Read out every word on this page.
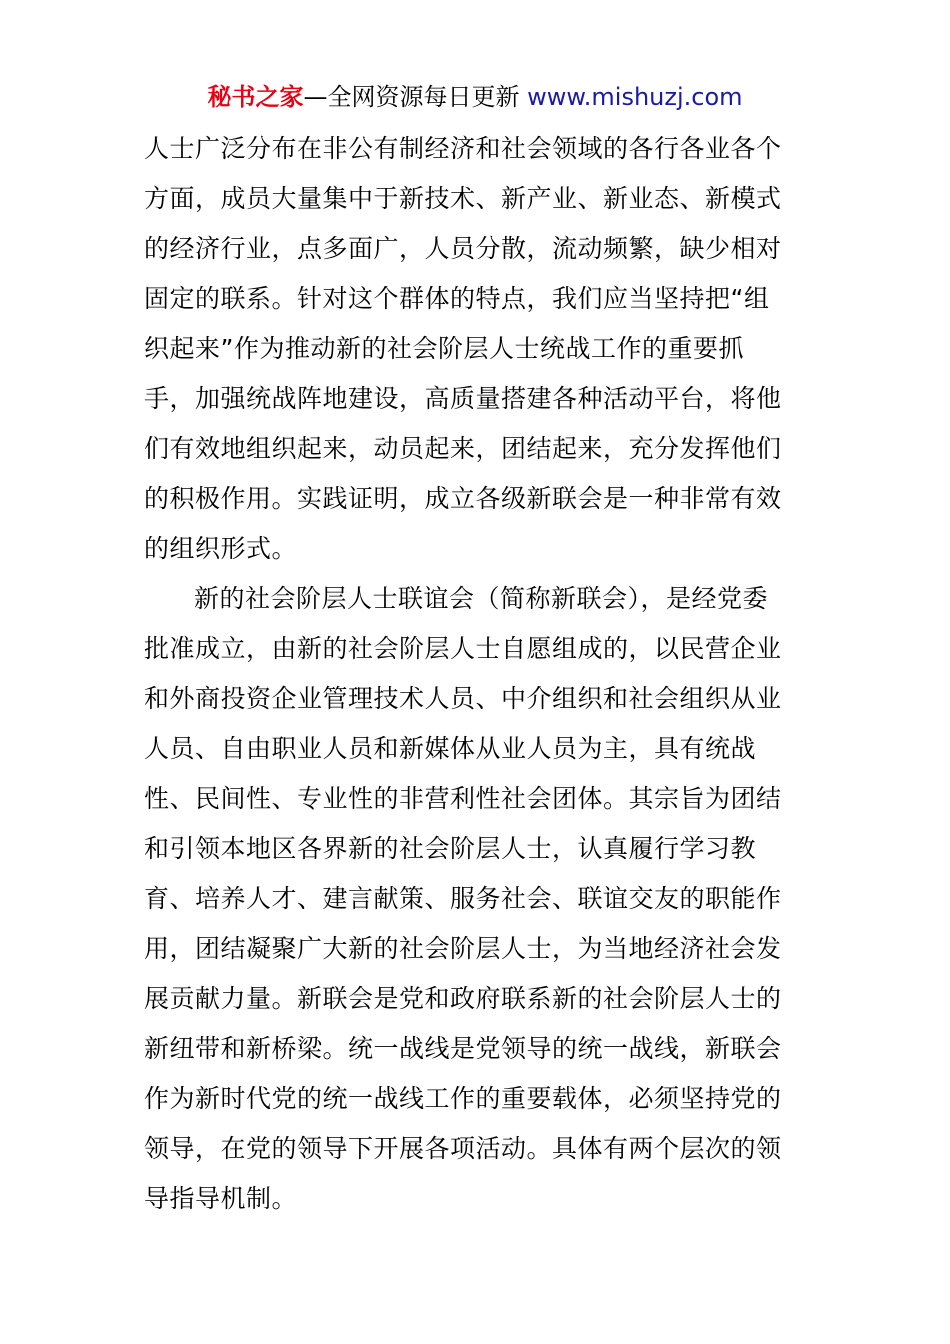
秘书之家—全网资源每日更新 www.mishuzj.com
人士广泛分布在非公有制经济和社会领域的各行各业各个
方面，成员大量集中于新技术、新产业、新业态、新模式
的经济行业，点多面广，人员分散，流动频繁，缺少相对
固定的联系。针对这个群体的特点，我们应当坚持把“组
织起来”作为推动新的社会阶层人士统战工作的重要抓
手，加强统战阵地建设，高质量搭建各种活动平台，将他
们有效地组织起来，动员起来，团结起来，充分发挥他们
的积极作用。实践证明，成立各级新联会是一种非常有效
的组织形式。
新的社会阶层人士联谊会（简称新联会），是经党委
批准成立，由新的社会阶层人士自愿组成的，以民营企业
和外商投资企业管理技术人员、中介组织和社会组织从业
人员、自由职业人员和新媒体从业人员为主，具有统战
性、民间性、专业性的非营利性社会团体。其宗旨为团结
和引领本地区各界新的社会阶层人士，认真履行学习教
育、培养人才、建言献策、服务社会、联谊交友的职能作
用，团结凝聚广大新的社会阶层人士，为当地经济社会发
展贡献力量。新联会是党和政府联系新的社会阶层人士的
新纽带和新桥梁。统一战线是党领导的统一战线，新联会
作为新时代党的统一战线工作的重要载体，必须坚持党的
领导，在党的领导下开展各项活动。具体有两个层次的领
导指导机制。
